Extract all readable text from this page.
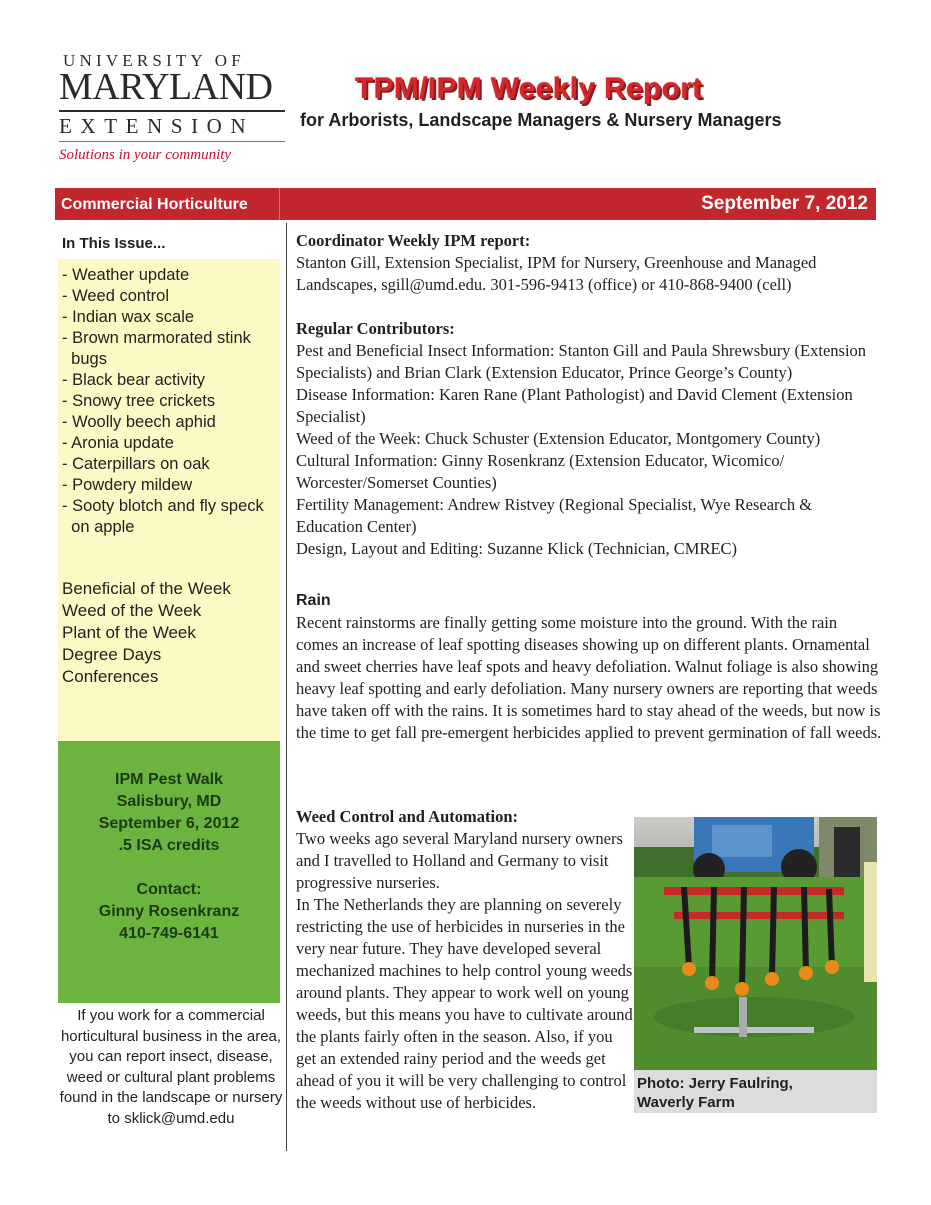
UNIVERSITY OF
MARYLAND
EXTENSION
Solutions in your community
TPM/IPM Weekly Report
for Arborists, Landscape Managers & Nursery Managers
Commercial Horticulture	September 7, 2012
In This Issue...
- Weather update
- Weed control
- Indian wax scale
- Brown marmorated stink
bugs
- Black bear activity
- Snowy tree crickets
- Woolly beech aphid
- Aronia update
- Caterpillars on oak
- Powdery mildew
- Sooty blotch and fly speck
on apple
Beneficial of the Week
Weed of the Week
Plant of the Week
Degree Days
Conferences
IPM Pest Walk
Salisbury, MD
September 6, 2012
.5 ISA credits
Contact:
Ginny Rosenkranz
410-749-6141
If you work for a commercial horticultural business in the area, you can report insect, disease, weed or cultural plant problems found in the landscape or nursery to sklick@umd.edu

Coordinator Weekly IPM report:

Stanton Gill, Extension Specialist, IPM for Nursery, Greenhouse and Managed Landscapes, sgill@umd.edu. 301-596-9413 (office) or 410-868-9400 (cell)

Regular Contributors:

Pest and Beneficial Insect Information: Stanton Gill and Paula Shrewsbury (Extension Specialists) and Brian Clark (Extension Educator, Prince George’s County)

Disease Information: Karen Rane (Plant Pathologist) and David Clement (Extension Specialist)

Weed of the Week: Chuck Schuster (Extension Educator, Montgomery County)

Cultural Information: Ginny Rosenkranz (Extension Educator, Wicomico/ Worcester/Somerset Counties)

Fertility Management: Andrew Ristvey (Regional Specialist, Wye Research & Education Center)

Design, Layout and Editing: Suzanne Klick (Technician, CMREC)

Rain

Recent rainstorms are finally getting some moisture into the ground. With the rain comes an increase of leaf spotting diseases showing up on different plants. Ornamental and sweet cherries have leaf spots and heavy defoliation. Walnut foliage is also showing heavy leaf spotting and early defoliation. Many nursery owners are reporting that weeds have taken off with the rains. It is sometimes hard to stay ahead of the weeds, but now is the time to get fall pre-emergent herbicides applied to prevent germination of fall weeds.

Weed Control and Automation:

Two weeks ago several Maryland nursery owners and I travelled to Holland and Germany to visit progressive nurseries.

In The Netherlands they are planning on severely restricting the use of herbicides in nurseries in the very near future. They have developed several mechanized machines to help control young weeds around plants. They appear to work well on young weeds, but this means you have to cultivate around the plants fairly often in the season. Also, if you get an extended rainy period and the weeds get ahead of you it will be very challenging to control the weeds without use of herbicides.

Photo: Jerry Faulring,
Waverly Farm
